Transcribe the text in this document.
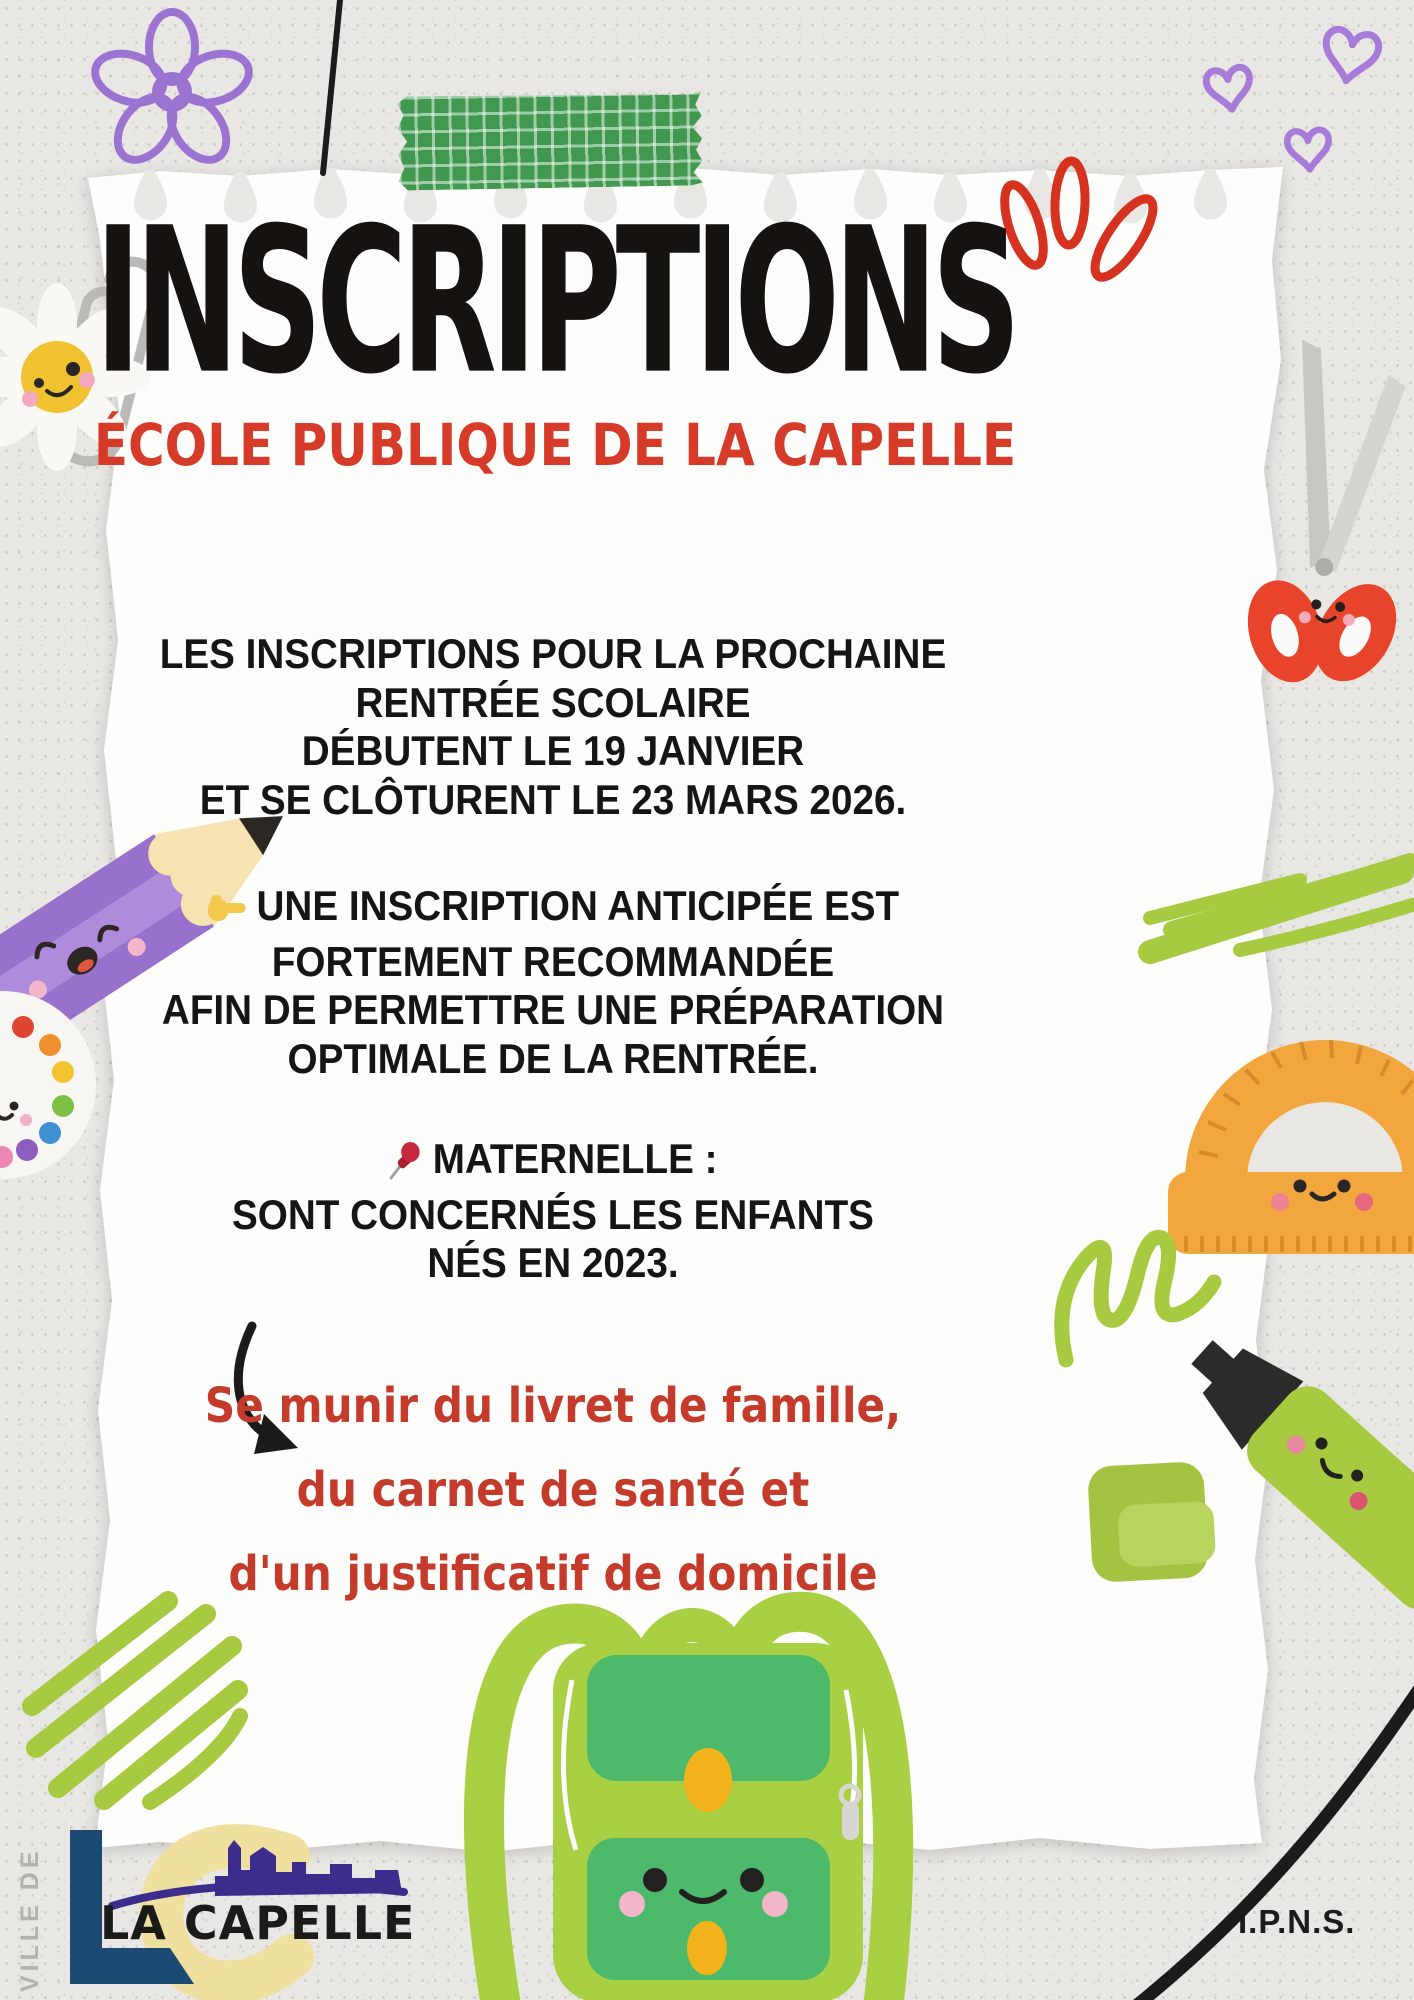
INSCRIPTIONS
ÉCOLE PUBLIQUE DE LA CAPELLE
LES INSCRIPTIONS POUR LA PROCHAINE
RENTRÉE SCOLAIRE
DÉBUTENT LE 19 JANVIER
ET SE CLÔTURENT LE 23 MARS 2026.
UNE INSCRIPTION ANTICIPÉE EST
FORTEMENT RECOMMANDÉE
AFIN DE PERMETTRE UNE PRÉPARATION
OPTIMALE DE LA RENTRÉE.
MATERNELLE :
SONT CONCERNÉS LES ENFANTS
NÉS EN 2023.
Se munir du livret de famille,
du carnet de santé et
d'un justificatif de domicile
VILLE DE LA CAPELLE	I.P.N.S.
